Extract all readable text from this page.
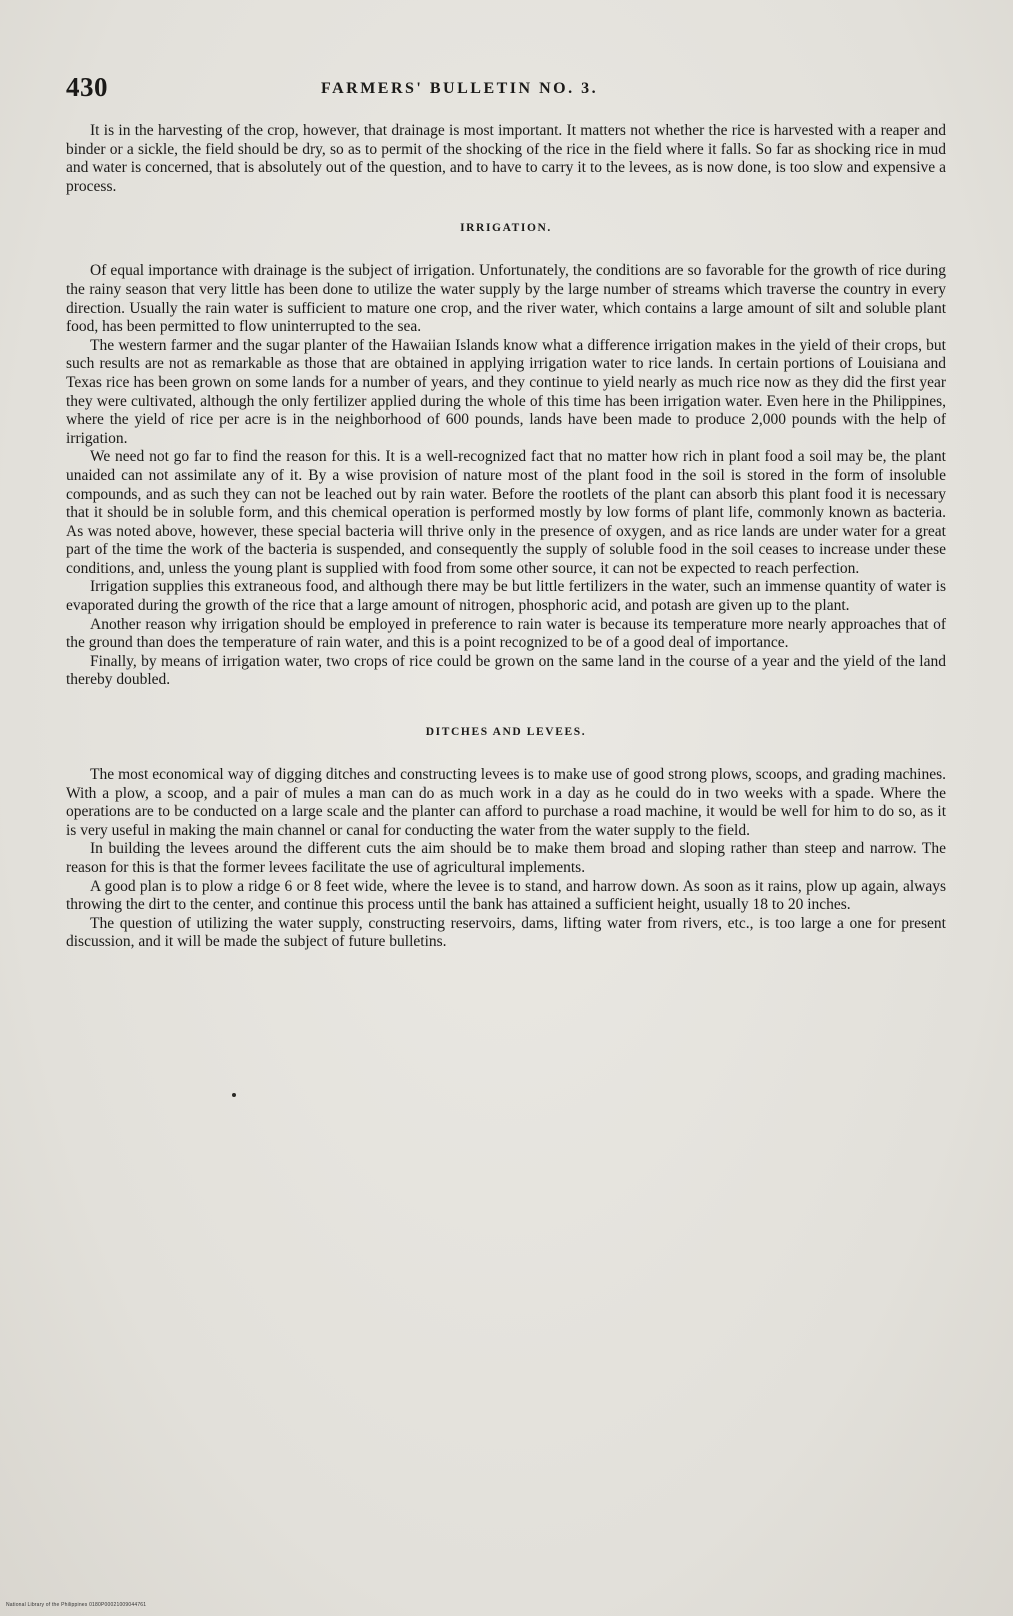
430	FARMERS' BULLETIN NO. 3.

It is in the harvesting of the crop, however, that drainage is most important. It matters not whether the rice is harvested with a reaper and binder or a sickle, the field should be dry, so as to permit of the shocking of the rice in the field where it falls. So far as shocking rice in mud and water is concerned, that is absolutely out of the question, and to have to carry it to the levees, as is now done, is too slow and expensive a process.

IRRIGATION.

Of equal importance with drainage is the subject of irrigation. Unfortunately, the conditions are so favorable for the growth of rice during the rainy season that very little has been done to utilize the water supply by the large number of streams which traverse the country in every direction. Usually the rain water is sufficient to mature one crop, and the river water, which contains a large amount of silt and soluble plant food, has been permitted to flow uninterrupted to the sea.

The western farmer and the sugar planter of the Hawaiian Islands know what a difference irrigation makes in the yield of their crops, but such results are not as remarkable as those that are obtained in applying irrigation water to rice lands. In certain portions of Louisiana and Texas rice has been grown on some lands for a number of years, and they continue to yield nearly as much rice now as they did the first year they were cultivated, although the only fertilizer applied during the whole of this time has been irrigation water. Even here in the Philippines, where the yield of rice per acre is in the neighborhood of 600 pounds, lands have been made to produce 2,000 pounds with the help of irrigation.

We need not go far to find the reason for this. It is a well-recognized fact that no matter how rich in plant food a soil may be, the plant unaided can not assimilate any of it. By a wise provision of nature most of the plant food in the soil is stored in the form of insoluble compounds, and as such they can not be leached out by rain water. Before the rootlets of the plant can absorb this plant food it is necessary that it should be in soluble form, and this chemical operation is performed mostly by low forms of plant life, commonly known as bacteria. As was noted above, however, these special bacteria will thrive only in the presence of oxygen, and as rice lands are under water for a great part of the time the work of the bacteria is suspended, and consequently the supply of soluble food in the soil ceases to increase under these conditions, and, unless the young plant is supplied with food from some other source, it can not be expected to reach perfection.

Irrigation supplies this extraneous food, and although there may be but little fertilizers in the water, such an immense quantity of water is evaporated during the growth of the rice that a large amount of nitrogen, phosphoric acid, and potash are given up to the plant.

Another reason why irrigation should be employed in preference to rain water is because its temperature more nearly approaches that of the ground than does the temperature of rain water, and this is a point recognized to be of a good deal of importance.

Finally, by means of irrigation water, two crops of rice could be grown on the same land in the course of a year and the yield of the land thereby doubled.

DITCHES AND LEVEES.

The most economical way of digging ditches and constructing levees is to make use of good strong plows, scoops, and grading machines. With a plow, a scoop, and a pair of mules a man can do as much work in a day as he could do in two weeks with a spade. Where the operations are to be conducted on a large scale and the planter can afford to purchase a road machine, it would be well for him to do so, as it is very useful in making the main channel or canal for conducting the water from the water supply to the field.

In building the levees around the different cuts the aim should be to make them broad and sloping rather than steep and narrow. The reason for this is that the former levees facilitate the use of agricultural implements.

A good plan is to plow a ridge 6 or 8 feet wide, where the levee is to stand, and harrow down. As soon as it rains, plow up again, always throwing the dirt to the center, and continue this process until the bank has attained a sufficient height, usually 18 to 20 inches.

The question of utilizing the water supply, constructing reservoirs, dams, lifting water from rivers, etc., is too large a one for present discussion, and it will be made the subject of future bulletins.

National Library of the Philippines 0180P00021009044761
